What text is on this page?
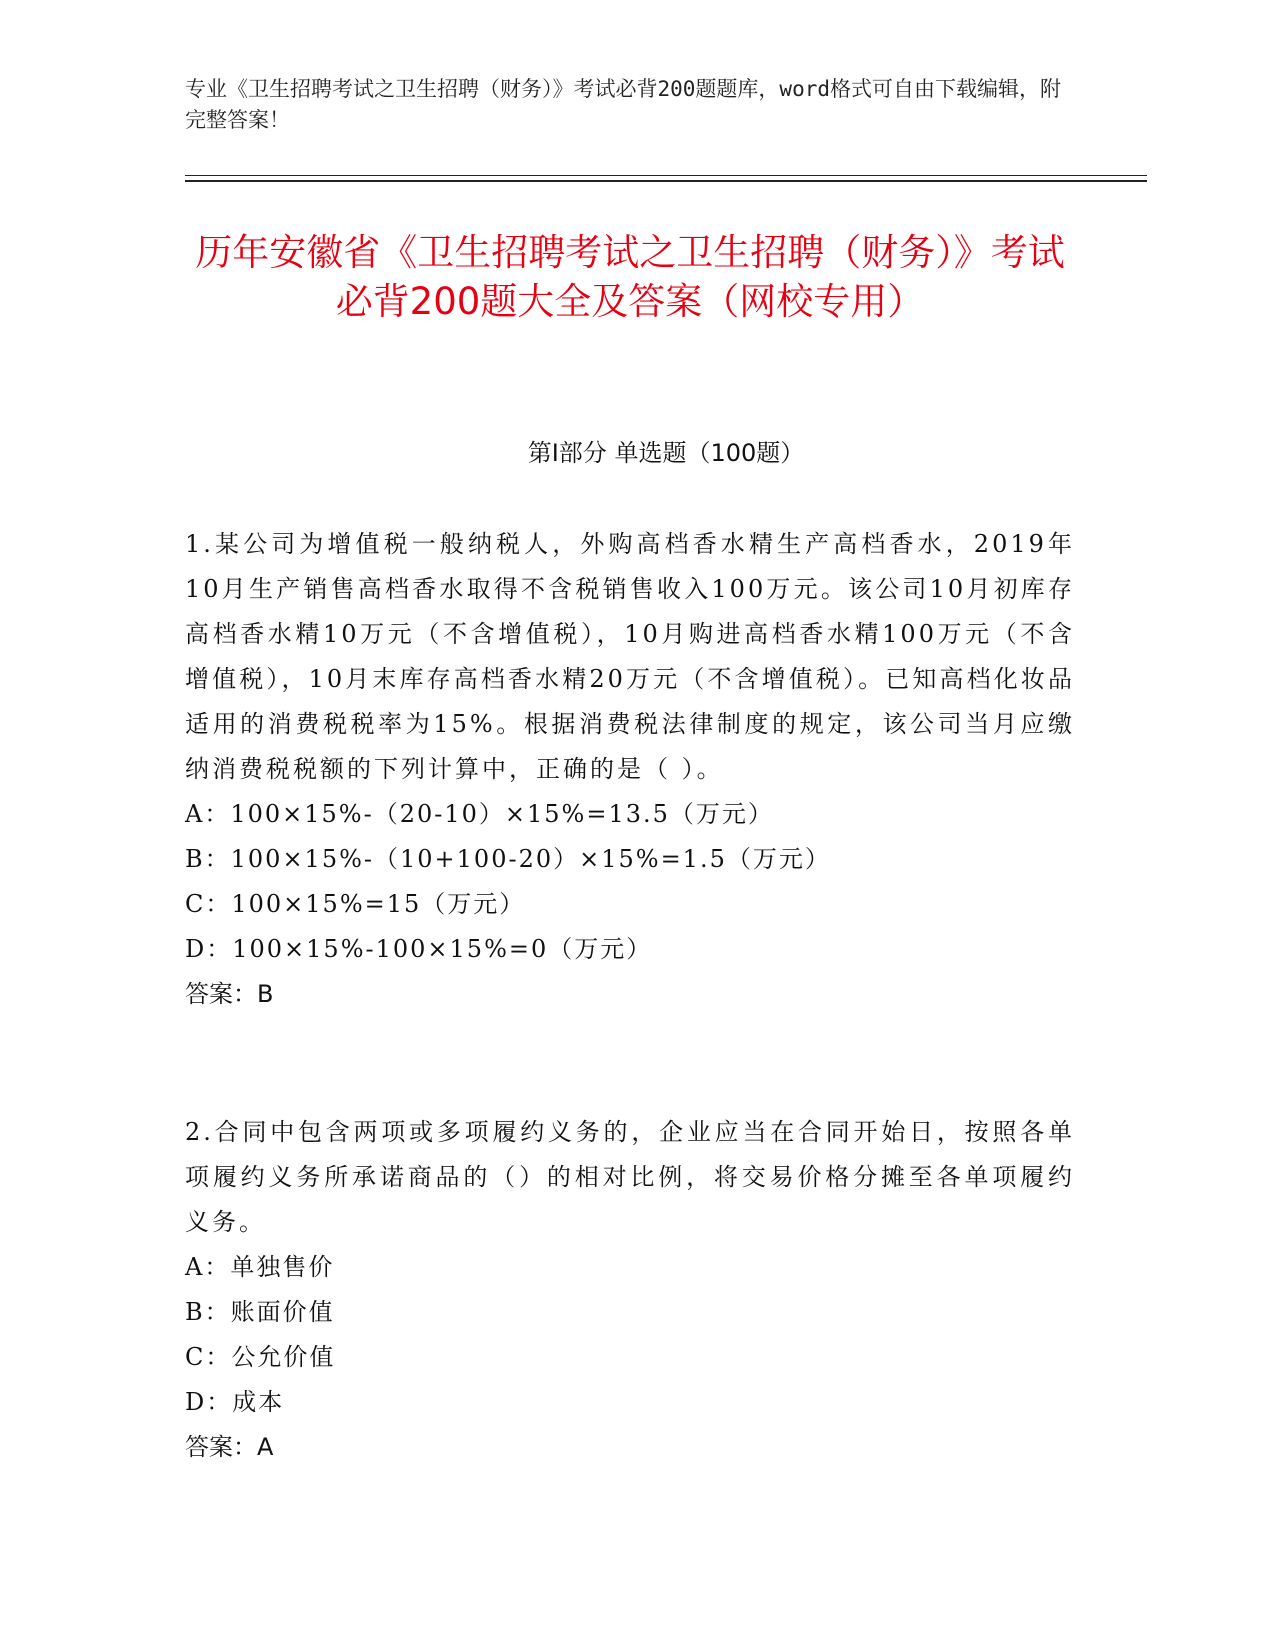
专业《卫生招聘考试之卫生招聘（财务）》考试必背200题题库，word格式可自由下载编辑，附完整答案！
历年安徽省《卫生招聘考试之卫生招聘（财务）》考试必背200题大全及答案（网校专用）
第I部分 单选题（100题）

1.某公司为增值税一般纳税人，外购高档香水精生产高档香水，2019年10月生产销售高档香水取得不含税销售收入100万元。该公司10月初库存高档香水精10万元（不含增值税），10月购进高档香水精100万元（不含增值税），10月末库存高档香水精20万元（不含增值税）。已知高档化妆品适用的消费税税率为15%。根据消费税法律制度的规定，该公司当月应缴纳消费税税额的下列计算中，正确的是（ ）。

A：100×15%-（20-10）×15%=13.5（万元）

B：100×15%-（10+100-20）×15%=1.5（万元）

C：100×15%=15（万元）

D：100×15%-100×15%=0（万元）

答案：B

2.合同中包含两项或多项履约义务的，企业应当在合同开始日，按照各单项履约义务所承诺商品的（）的相对比例，将交易价格分摊至各单项履约义务。

A：单独售价

B：账面价值

C：公允价值

D：成本

答案：A
